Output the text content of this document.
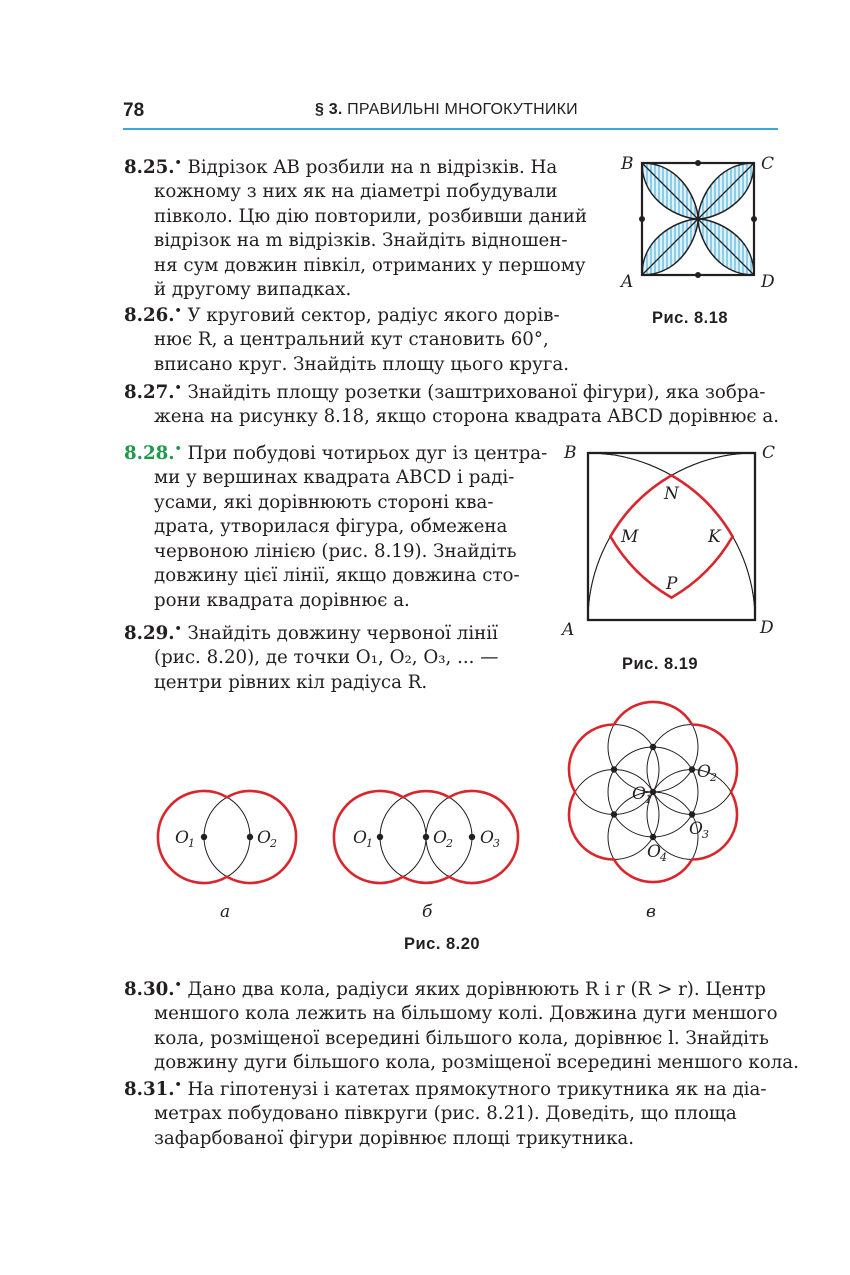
78	§ 3. ПРАВИЛЬНІ МНОГОКУТНИКИ
8.25.• Відрізок AB розбили на n відрізків. На
кожному з них як на діаметрі побудували
півколо. Цю дію повторили, розбивши даний
відрізок на m відрізків. Знайдіть відношен-
ня сум довжин півкіл, отриманих у першому
й другому випадках.
8.26.• У круговий сектор, радіус якого дорів-
нює R, а центральний кут становить 60°,
вписано круг. Знайдіть площу цього круга.
8.27.• Знайдіть площу розетки (заштрихованої фігури), яка зобра-
жена на рисунку 8.18, якщо сторона квадрата ABCD дорівнює a.
8.28.• При побудові чотирьох дуг із центра-
ми у вершинах квадрата ABCD і раді-
усами, які дорівнюють стороні ква-
драта, утворилася фігура, обмежена
червоною лінією (рис. 8.19). Знайдіть
довжину цієї лінії, якщо довжина сто-
рони квадрата дорівнює a.
8.29.• Знайдіть довжину червоної лінії
(рис. 8.20), де точки O₁, O₂, O₃, ... —
центри рівних кіл радіуса R.
B	C
A	D
Рис. 8.18
B	C
A	D
N
M	K
P
Рис. 8.19
O 1	O 2
а
O 1	O 2 O 3
б
O 1
O 2
O 3
O 4
в
Рис. 8.20
8.30.• Дано два кола, радіуси яких дорівнюють R і r (R > r). Центр
меншого кола лежить на більшому колі. Довжина дуги меншого
кола, розміщеної всередині більшого кола, дорівнює l. Знайдіть
довжину дуги більшого кола, розміщеної всередині меншого кола.
8.31.• На гіпотенузі і катетах прямокутного трикутника як на діа-
метрах побудовано півкруги (рис. 8.21). Доведіть, що площа
зафарбованої фігури дорівнює площі трикутника.
